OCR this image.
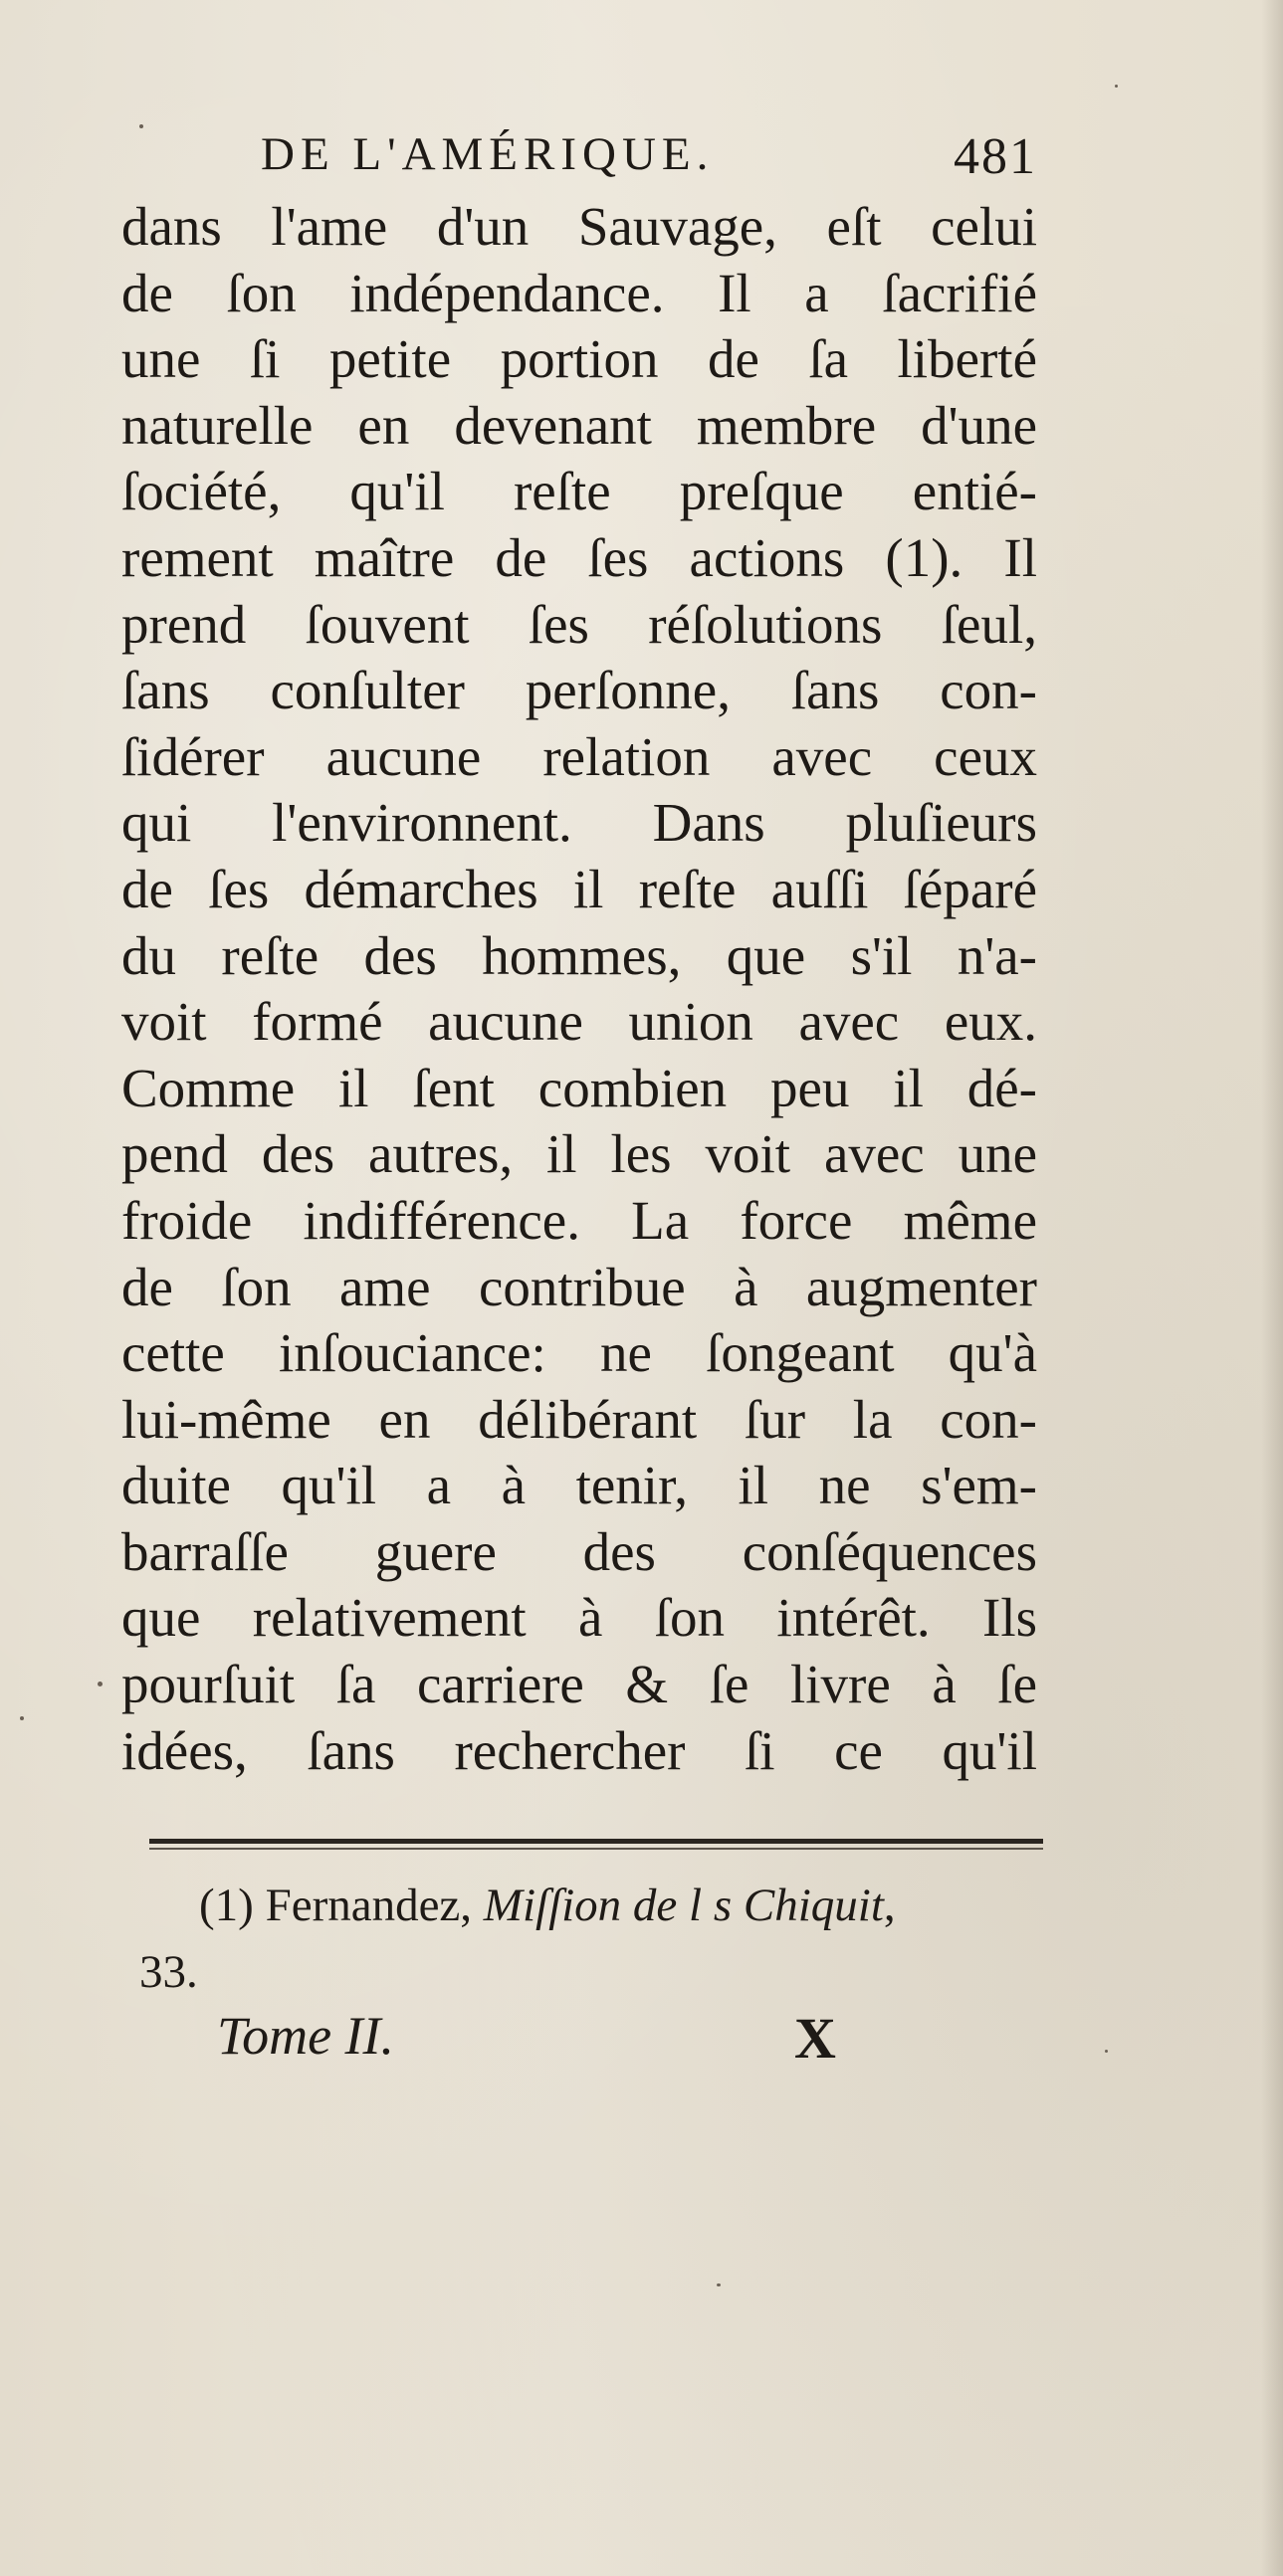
DE L'AMÉRIQUE.	481
dans l'ame d'un Sauvage, eſt celui
de ſon indépendance. Il a ſacrifié
une ſi petite portion de ſa liberté
naturelle en devenant membre d'une
ſociété, qu'il reſte preſque entié-
rement maître de ſes actions (1). Il
prend ſouvent ſes réſolutions ſeul,
ſans conſulter perſonne, ſans con-
ſidérer aucune relation avec ceux
qui l'environnent. Dans pluſieurs
de ſes démarches il reſte auſſi ſéparé
du reſte des hommes, que s'il n'a-
voit formé aucune union avec eux.
Comme il ſent combien peu il dé-
pend des autres, il les voit avec une
froide indifférence. La force même
de ſon ame contribue à augmenter
cette inſouciance: ne ſongeant qu'à
lui-même en délibérant ſur la con-
duite qu'il a à tenir, il ne s'em-
barraſſe guere des conſéquences
que relativement à ſon intérêt. Ils
pourſuit ſa carriere & ſe livre à ſe
idées, ſans rechercher ſi ce qu'il
(1) Fernandez, Miſſion de l s Chiquit,
33.
Tome II.	X
